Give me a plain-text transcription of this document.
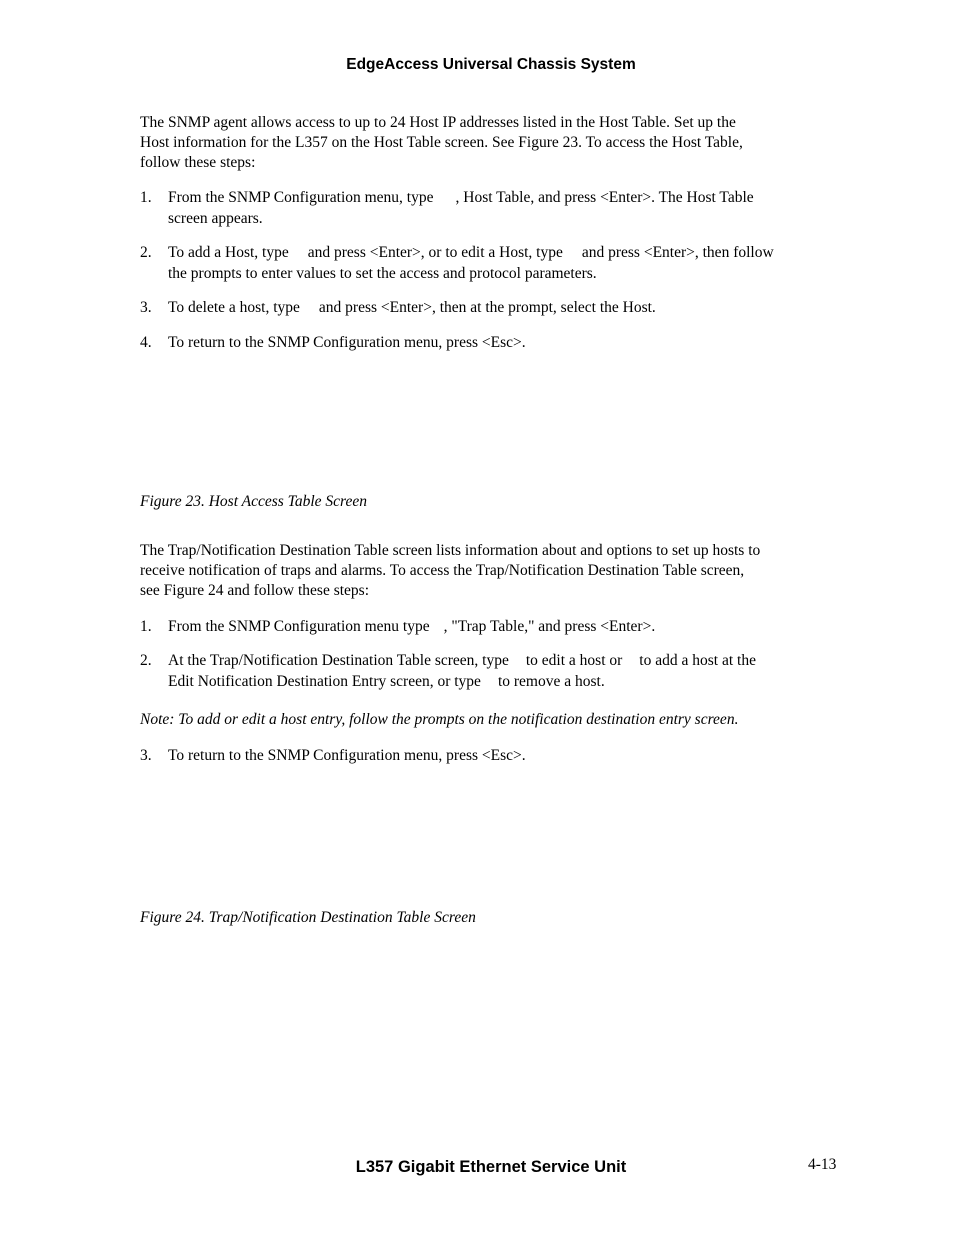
EdgeAccess Universal Chassis System

The SNMP agent allows access to up to 24 Host IP addresses listed in the Host Table. Set up the

Host information for the L357 on the Host Table screen. See Figure 23. To access the Host Table,

follow these steps:

1.	From the SNMP Configuration menu, type , Host Table, and press <Enter>. The Host Table
screen appears.
2.	To add a Host, type and press <Enter>, or to edit a Host, type and press <Enter>, then follow
the prompts to enter values to set the access and protocol parameters.
3.	To delete a host, type and press <Enter>, then at the prompt, select the Host.
4.	To return to the SNMP Configuration menu, press <Esc>.
Figure 23. Host Access Table Screen

The Trap/Notification Destination Table screen lists information about and options to set up hosts to

receive notification of traps and alarms. To access the Trap/Notification Destination Table screen,

see Figure 24 and follow these steps:

1.	From the SNMP Configuration menu type , "Trap Table," and press <Enter>.
2.	At the Trap/Notification Destination Table screen, type to edit a host or to add a host at the
Edit Notification Destination Entry screen, or type to remove a host.
Note: To add or edit a host entry, follow the prompts on the notification destination entry screen.
3.	To return to the SNMP Configuration menu, press <Esc>.
Figure 24. Trap/Notification Destination Table Screen
L357 Gigabit Ethernet Service Unit	4-13
